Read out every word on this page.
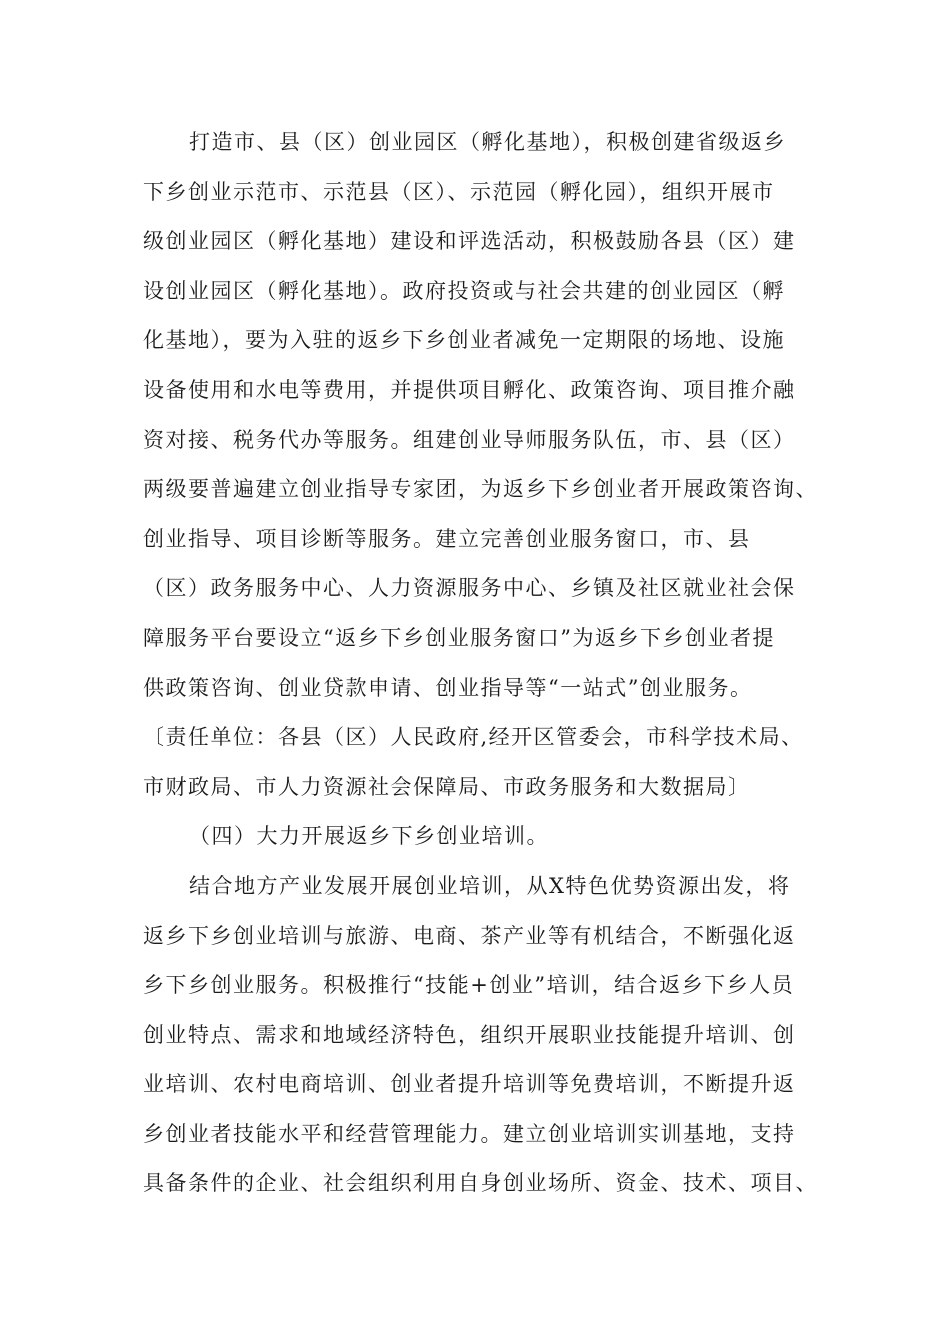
打造市、县（区）创业园区（孵化基地），积极创建省级返乡
下乡创业示范市、示范县（区）、示范园（孵化园），组织开展市
级创业园区（孵化基地）建设和评选活动，积极鼓励各县（区）建
设创业园区（孵化基地）。政府投资或与社会共建的创业园区（孵
化基地），要为入驻的返乡下乡创业者减免一定期限的场地、设施
设备使用和水电等费用，并提供项目孵化、政策咨询、项目推介融
资对接、税务代办等服务。组建创业导师服务队伍，市、县（区）
两级要普遍建立创业指导专家团，为返乡下乡创业者开展政策咨询、
创业指导、项目诊断等服务。建立完善创业服务窗口，市、县
（区）政务服务中心、人力资源服务中心、乡镇及社区就业社会保
障服务平台要设立“返乡下乡创业服务窗口”为返乡下乡创业者提
供政策咨询、创业贷款申请、创业指导等“一站式”创业服务。
〔责任单位：各县（区）人民政府,经开区管委会，市科学技术局、
市财政局、市人力资源社会保障局、市政务服务和大数据局〕
（四）大力开展返乡下乡创业培训。
结合地方产业发展开展创业培训，从X特色优势资源出发，将
返乡下乡创业培训与旅游、电商、茶产业等有机结合，不断强化返
乡下乡创业服务。积极推行“技能+创业”培训，结合返乡下乡人员
创业特点、需求和地域经济特色，组织开展职业技能提升培训、创
业培训、农村电商培训、创业者提升培训等免费培训，不断提升返
乡创业者技能水平和经营管理能力。建立创业培训实训基地，支持
具备条件的企业、社会组织利用自身创业场所、资金、技术、项目、
